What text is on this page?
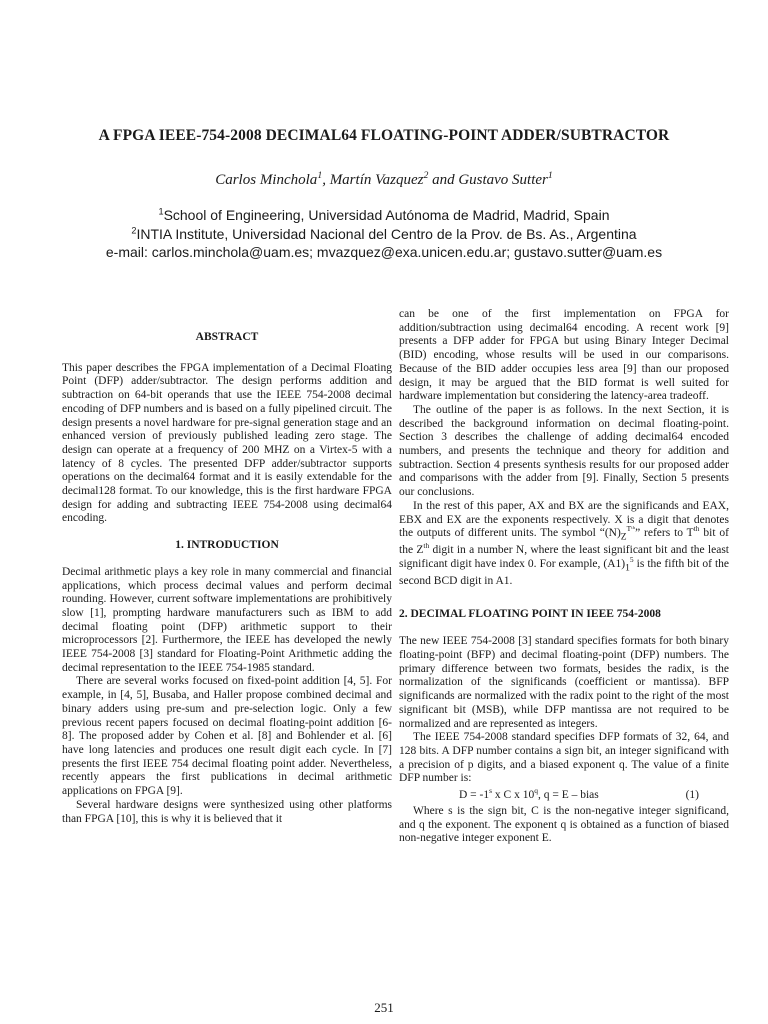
A FPGA IEEE-754-2008 DECIMAL64 FLOATING-POINT ADDER/SUBTRACTOR
Carlos Minchola$^1$, Martín Vazquez$^2$ and Gustavo Sutter$^1$
$^1$School of Engineering, Universidad Autónoma de Madrid, Madrid, Spain
$^2$INTIA Institute, Universidad Nacional del Centro de la Prov. de Bs. As., Argentina
e-mail: carlos.minchola@uam.es; mvazquez@exa.unicen.edu.ar; gustavo.sutter@uam.es

ABSTRACT

This paper describes the FPGA implementation of a Decimal Floating Point (DFP) adder/subtractor. The design performs addition and subtraction on 64-bit operands that use the IEEE 754-2008 decimal encoding of DFP numbers and is based on a fully pipelined circuit. The design presents a novel hardware for pre-signal generation stage and an enhanced version of previously published leading zero stage. The design can operate at a frequency of 200 MHZ on a Virtex-5 with a latency of 8 cycles. The presented DFP adder/subtractor supports operations on the decimal64 format and it is easily extendable for the decimal128 format. To our knowledge, this is the first hardware FPGA design for adding and subtracting IEEE 754-2008 using decimal64 encoding.

1. INTRODUCTION

Decimal arithmetic plays a key role in many commercial and financial applications, which process decimal values and perform decimal rounding. However, current software implementations are prohibitively slow [1], prompting hardware manufacturers such as IBM to add decimal floating point (DFP) arithmetic support to their microprocessors [2]. Furthermore, the IEEE has developed the newly IEEE 754-2008 [3] standard for Floating-Point Arithmetic adding the decimal representation to the IEEE 754-1985 standard.

There are several works focused on fixed-point addition [4, 5]. For example, in [4, 5], Busaba, and Haller propose combined decimal and binary adders using pre-sum and pre-selection logic. Only a few previous recent papers focused on decimal floating-point addition [6-8]. The proposed adder by Cohen et al. [8] and Bohlender et al. [6] have long latencies and produces one result digit each cycle. In [7] presents the first IEEE 754 decimal floating point adder. Nevertheless, recently appears the first publications in decimal arithmetic applications on FPGA [9].

Several hardware designs were synthesized using other platforms than FPGA [10], this is why it is believed that it

can be one of the first implementation on FPGA for addition/subtraction using decimal64 encoding. A recent work [9] presents a DFP adder for FPGA but using Binary Integer Decimal (BID) encoding, whose results will be used in our comparisons. Because of the BID adder occupies less area [9] than our proposed design, it may be argued that the BID format is well suited for hardware implementation but considering the latency-area tradeoff.

The outline of the paper is as follows. In the next Section, it is described the background information on decimal floating-point. Section 3 describes the challenge of adding decimal64 encoded numbers, and presents the technique and theory for addition and subtraction. Section 4 presents synthesis results for our proposed adder and comparisons with the adder from [9]. Finally, Section 5 presents our conclusions.

In the rest of this paper, AX and BX are the significands and EAX, EBX and EX are the exponents respectively. X is a digit that denotes the outputs of different units. The symbol “$(N)_Z^{Tᵗʰ}$” refers to $T^{th}$ bit of the $Z^{th}$ digit in a number N, where the least significant bit and the least significant digit have index 0. For example, $(A1)_1^5$ is the fifth bit of the second BCD digit in A1.

2. DECIMAL FLOATING POINT IN IEEE 754-2008

The new IEEE 754-2008 [3] standard specifies formats for both binary floating-point (BFP) and decimal floating-point (DFP) numbers. The primary difference between two formats, besides the radix, is the normalization of the significands (coefficient or mantissa). BFP significands are normalized with the radix point to the right of the most significant bit (MSB), while DFP mantissa are not required to be normalized and are represented as integers.

The IEEE 754-2008 standard specifies DFP formats of 32, 64, and 128 bits. A DFP number contains a sign bit, an integer significand with a precision of p digits, and a biased exponent q. The value of a finite DFP number is:

$D = -1^s$ x C x 10$^q$, q = E – bias	(1)

Where s is the sign bit, C is the non-negative integer significand, and q the exponent. The exponent q is obtained as a function of biased non-negative integer exponent E.

251
